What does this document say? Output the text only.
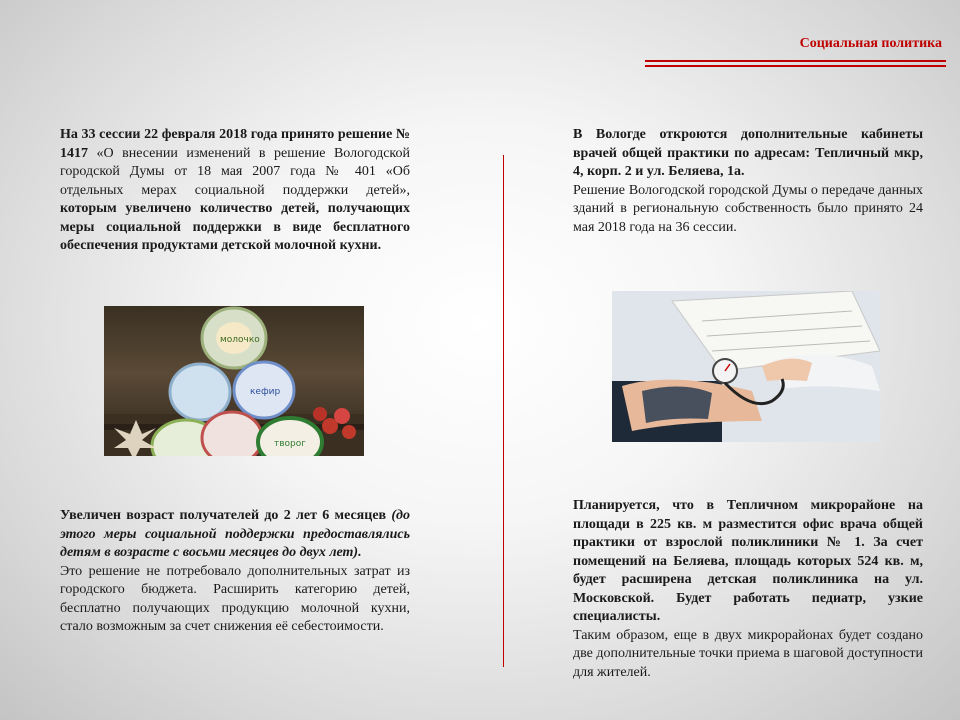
Социальная политика

На 33 сессии 22 февраля 2018 года принято решение № 1417 «О внесении изменений в решение Вологодской городской Думы от 18 мая 2007 года № 401 «Об отдельных мерах социальной поддержки детей», которым увеличено количество детей, получающих меры социальной поддержки в виде бесплатного обеспечения продуктами детской молочной кухни.

молочко
кефир
творог

Увеличен возраст получателей до 2 лет 6 месяцев (до этого меры социальной поддержки предоставлялись детям в возрасте с восьми месяцев до двух лет).

Это решение не потребовало дополнительных затрат из городского бюджета. Расширить категорию детей, бесплатно получающих продукцию молочной кухни, стало возможным за счет снижения её себестоимости.

В Вологде откроются дополнительные кабинеты врачей общей практики по адресам: Тепличный мкр, 4, корп. 2 и ул. Беляева, 1а.

Решение Вологодской городской Думы о передаче данных зданий в региональную собственность было принято 24 мая 2018 года на 36 сессии.

Планируется, что в Тепличном микрорайоне на площади в 225 кв. м разместится офис врача общей практики от взрослой поликлиники № 1. За счет помещений на Беляева, площадь которых 524 кв. м, будет расширена детская поликлиника на ул. Московской. Будет работать педиатр, узкие специалисты.

Таким образом, еще в двух микрорайонах будет создано две дополнительные точки приема в шаговой доступности для жителей.
